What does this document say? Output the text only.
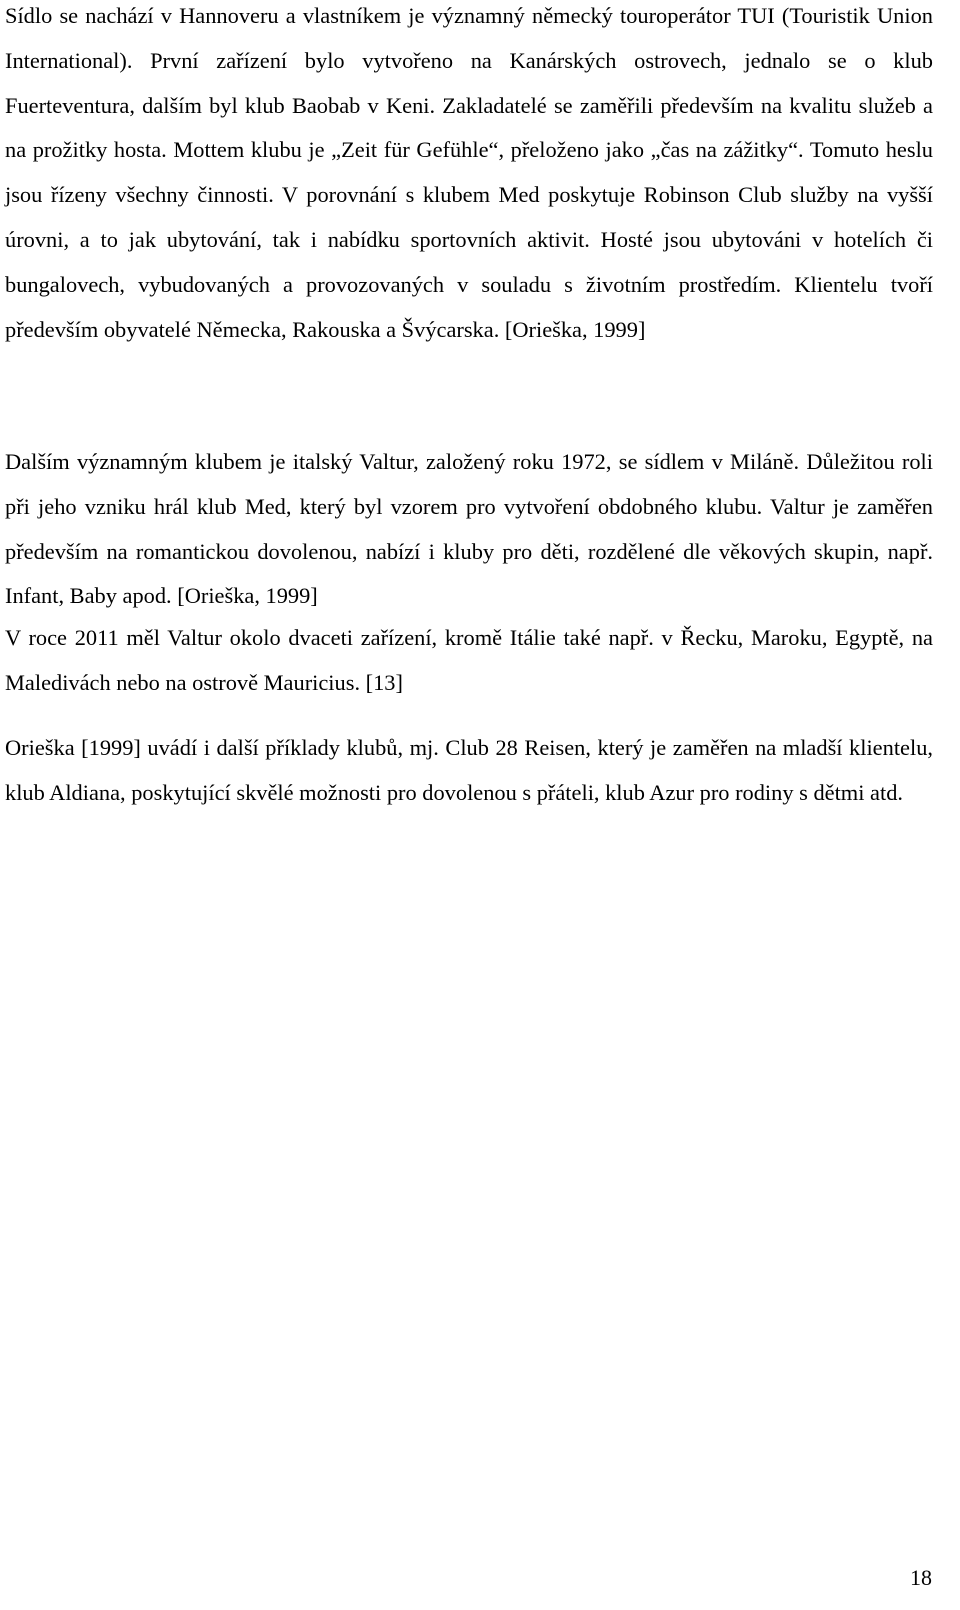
Sídlo se nachází v Hannoveru a vlastníkem je významný německý touroperátor TUI (Touristik Union International). První zařízení bylo vytvořeno na Kanárských ostrovech, jednalo se o klub Fuerteventura, dalším byl klub Baobab v Keni. Zakladatelé se zaměřili především na kvalitu služeb a na prožitky hosta. Mottem klubu je „Zeit für Gefühle“, přeloženo jako „čas na zážitky“. Tomuto heslu jsou řízeny všechny činnosti. V porovnání s klubem Med poskytuje Robinson Club služby na vyšší úrovni, a to jak ubytování, tak i nabídku sportovních aktivit. Hosté jsou ubytováni v hotelích či bungalovech, vybudovaných a provozovaných v souladu s životním prostředím. Klientelu tvoří především obyvatelé Německa, Rakouska a Švýcarska. [Orieška, 1999]

Dalším významným klubem je italský Valtur, založený roku 1972, se sídlem v Miláně. Důležitou roli při jeho vzniku hrál klub Med, který byl vzorem pro vytvoření obdobného klubu. Valtur je zaměřen především na romantickou dovolenou, nabízí i kluby pro děti, rozdělené dle věkových skupin, např. Infant, Baby apod. [Orieška, 1999]

V roce 2011 měl Valtur okolo dvaceti zařízení, kromě Itálie také např. v Řecku, Maroku, Egyptě, na Maledivách nebo na ostrově Mauricius. [13]

Orieška [1999] uvádí i další příklady klubů, mj. Club 28 Reisen, který je zaměřen na mladší klientelu, klub Aldiana, poskytující skvělé možnosti pro dovolenou s přáteli, klub Azur pro rodiny s dětmi atd.

18
